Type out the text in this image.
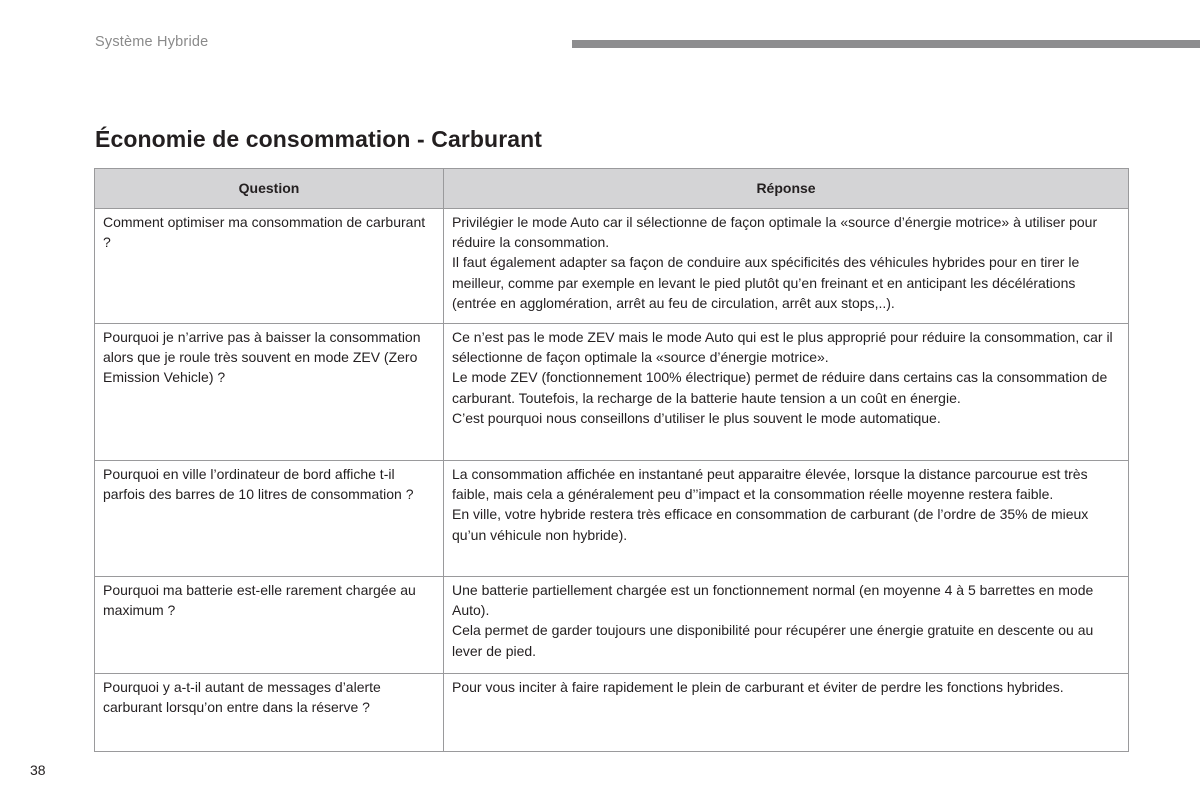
Système Hybride
Économie de consommation - Carburant
Question	Réponse
Comment optimiser ma consommation de carburant ?	Privilégier le mode Auto car il sélectionne de façon optimale la «source d’énergie motrice» à utiliser pour réduire la consommation.
Il faut également adapter sa façon de conduire aux spécificités des véhicules hybrides pour en tirer le meilleur, comme par exemple en levant le pied plutôt qu’en freinant et en anticipant les décélérations (entrée en agglomération, arrêt au feu de circulation, arrêt aux stops,..).

Pourquoi je n’arrive pas à baisser la consommation alors que je roule très souvent en mode ZEV (Zero Emission Vehicle) ?	Ce n’est pas le mode ZEV mais le mode Auto qui est le plus approprié pour réduire la consommation, car il sélectionne de façon optimale la «source d’énergie motrice».
Le mode ZEV (fonctionnement 100% électrique) permet de réduire dans certains cas la consommation de carburant. Toutefois, la recharge de la batterie haute tension a un coût en énergie.
C’est pourquoi nous conseillons d’utiliser le plus souvent le mode automatique.

Pourquoi en ville l’ordinateur de bord affiche t-il parfois des barres de 10 litres de consommation ?	La consommation affichée en instantané peut apparaitre élevée, lorsque la distance parcourue est très faible, mais cela a généralement peu d’’impact et la consommation réelle moyenne restera faible.
En ville, votre hybride restera très efficace en consommation de carburant (de l’ordre de 35% de mieux qu’un véhicule non hybride).

Pourquoi ma batterie est-elle rarement chargée au maximum ?	Une batterie partiellement chargée est un fonctionnement normal (en moyenne 4 à 5 barrettes en mode Auto).
Cela permet de garder toujours une disponibilité pour récupérer une énergie gratuite en descente ou au lever de pied.

Pourquoi y a-t-il autant de messages d’alerte carburant lorsqu’on entre dans la réserve ?	Pour vous inciter à faire rapidement le plein de carburant et éviter de perdre les fonctions hybrides.
38
